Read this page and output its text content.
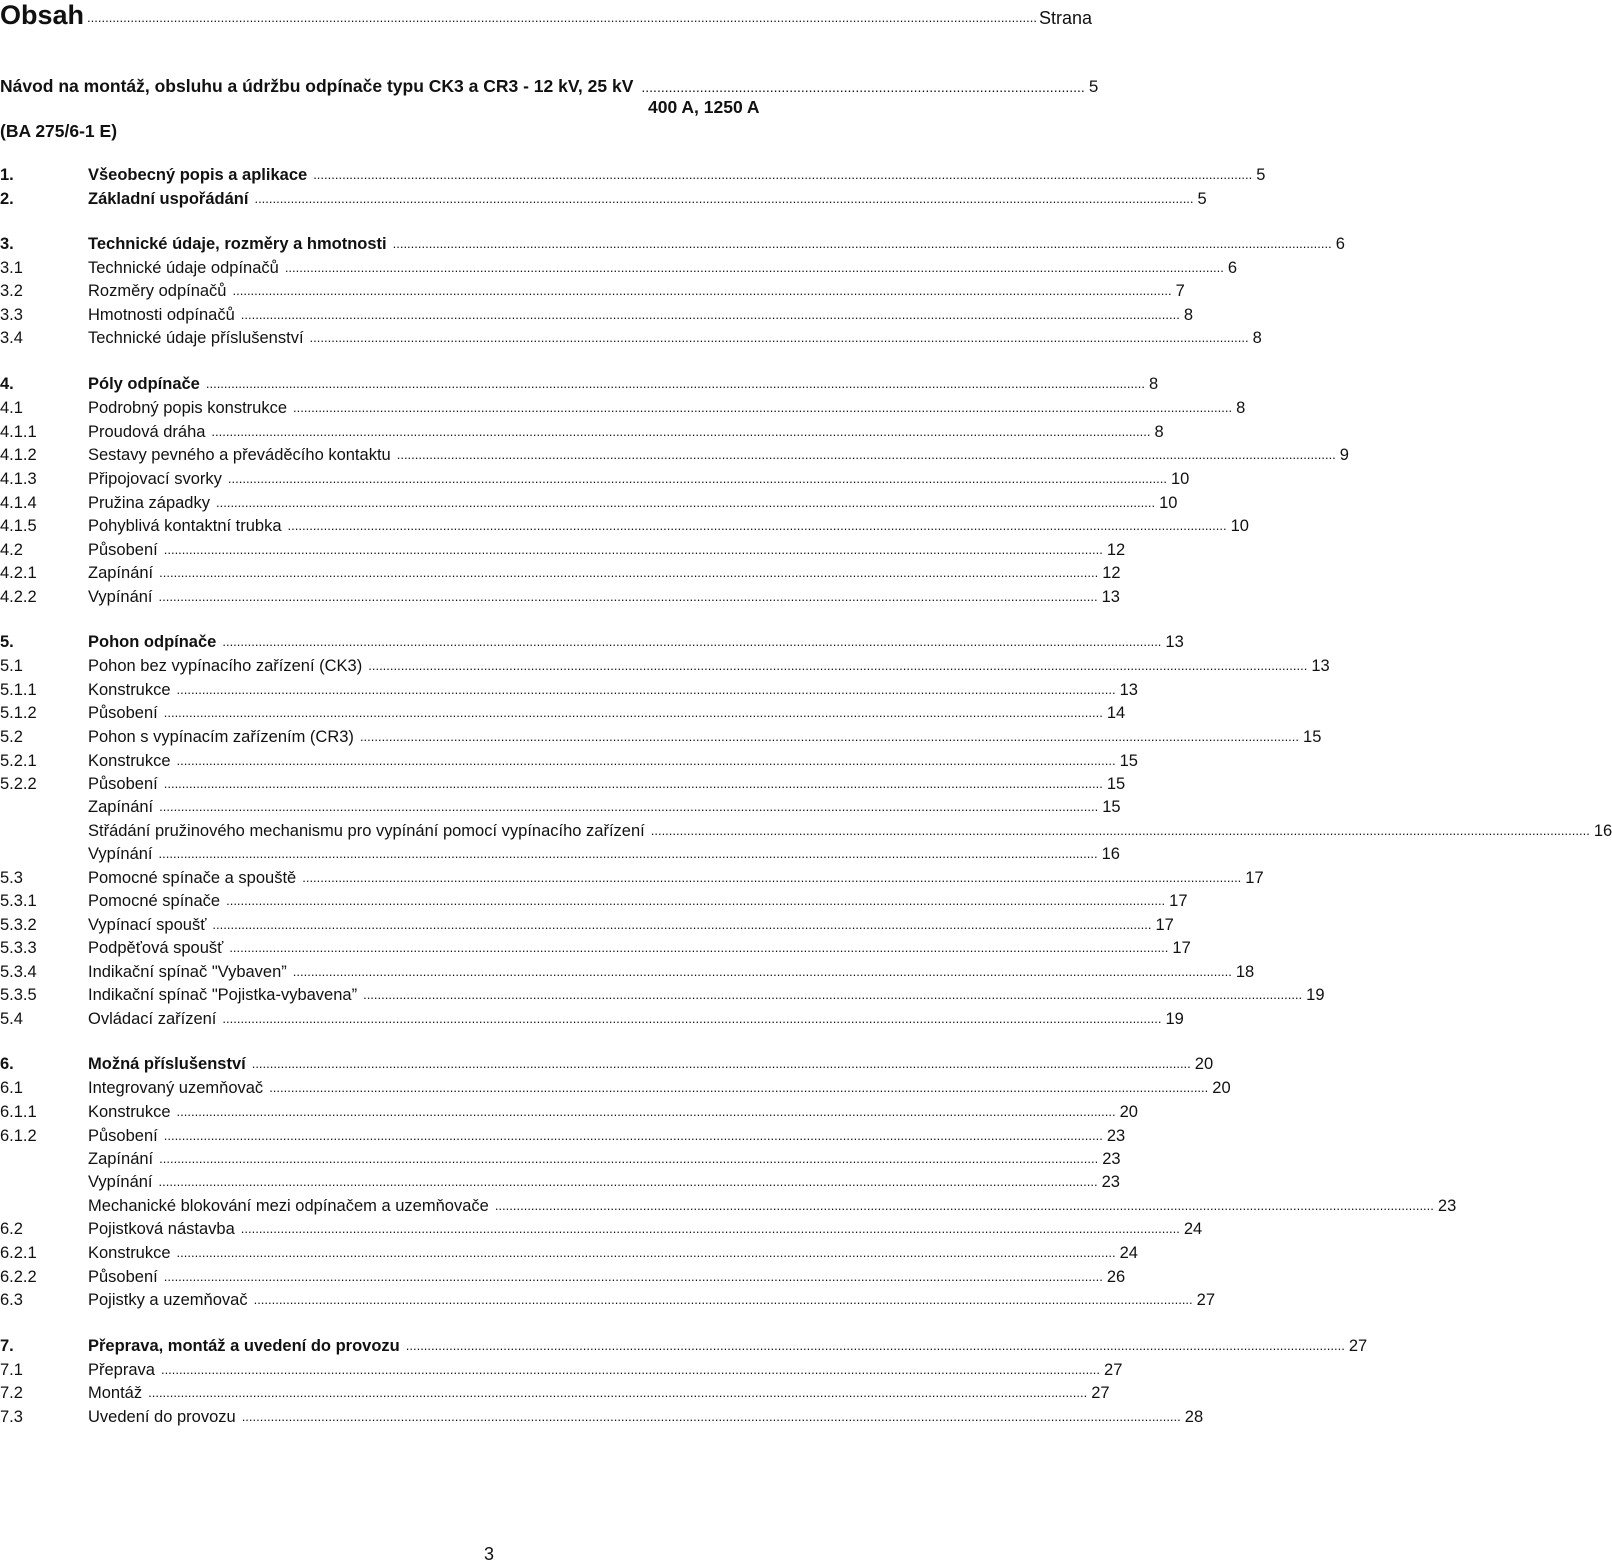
Obsah ....................................................................................................................................................................................................................................................................... Strana
Návod na montáž, obsluhu a údržbu odpínače typu CK3 a CR3 - 12 kV, 25 kV .................................................................................................................. 5
400 A, 1250 A
(BA 275/6-1 E)
1.	Všeobecný popis a aplikace .................................................................................................................................................................................................................................................................... 5
2.	Základní uspořádání .................................................................................................................................................................................................................................................................... 5
3.	Technické údaje, rozměry a hmotnosti .................................................................................................................................................................................................................................................................... 6
3.1	Technické údaje odpínačů .................................................................................................................................................................................................................................................................... 6
3.2	Rozměry odpínačů .................................................................................................................................................................................................................................................................... 7
3.3	Hmotnosti odpínačů .................................................................................................................................................................................................................................................................... 8
3.4	Technické údaje příslušenství .................................................................................................................................................................................................................................................................... 8
4.	Póly odpínače .................................................................................................................................................................................................................................................................... 8
4.1	Podrobný popis konstrukce .................................................................................................................................................................................................................................................................... 8
4.1.1	Proudová dráha .................................................................................................................................................................................................................................................................... 8
4.1.2	Sestavy pevného a převáděcího kontaktu .................................................................................................................................................................................................................................................................... 9
4.1.3	Připojovací svorky .................................................................................................................................................................................................................................................................... 10
4.1.4	Pružina západky .................................................................................................................................................................................................................................................................... 10
4.1.5	Pohyblivá kontaktní trubka .................................................................................................................................................................................................................................................................... 10
4.2	Působení .................................................................................................................................................................................................................................................................... 12
4.2.1	Zapínání .................................................................................................................................................................................................................................................................... 12
4.2.2	Vypínání .................................................................................................................................................................................................................................................................... 13
5.	Pohon odpínače .................................................................................................................................................................................................................................................................... 13
5.1	Pohon bez vypínacího zařízení (CK3) .................................................................................................................................................................................................................................................................... 13
5.1.1	Konstrukce .................................................................................................................................................................................................................................................................... 13
5.1.2	Působení .................................................................................................................................................................................................................................................................... 14
5.2	Pohon s vypínacím zařízením (CR3) .................................................................................................................................................................................................................................................................... 15
5.2.1	Konstrukce .................................................................................................................................................................................................................................................................... 15
5.2.2	Působení .................................................................................................................................................................................................................................................................... 15
Zapínání .................................................................................................................................................................................................................................................................... 15
Střádání pružinového mechanismu pro vypínání pomocí vypínacího zařízení .................................................................................................................................................................................................................................................................... 16
Vypínání .................................................................................................................................................................................................................................................................... 16
5.3	Pomocné spínače a spouště .................................................................................................................................................................................................................................................................... 17
5.3.1	Pomocné spínače .................................................................................................................................................................................................................................................................... 17
5.3.2	Vypínací spoušť .................................................................................................................................................................................................................................................................... 17
5.3.3	Podpěťová spoušť .................................................................................................................................................................................................................................................................... 17
5.3.4	Indikační spínač "Vybaven” .................................................................................................................................................................................................................................................................... 18
5.3.5	Indikační spínač "Pojistka-vybavena” .................................................................................................................................................................................................................................................................... 19
5.4	Ovládací zařízení .................................................................................................................................................................................................................................................................... 19
6.	Možná příslušenství .................................................................................................................................................................................................................................................................... 20
6.1	Integrovaný uzemňovač .................................................................................................................................................................................................................................................................... 20
6.1.1	Konstrukce .................................................................................................................................................................................................................................................................... 20
6.1.2	Působení .................................................................................................................................................................................................................................................................... 23
Zapínání .................................................................................................................................................................................................................................................................... 23
Vypínání .................................................................................................................................................................................................................................................................... 23
Mechanické blokování mezi odpínačem a uzemňovače .................................................................................................................................................................................................................................................................... 23
6.2	Pojistková nástavba .................................................................................................................................................................................................................................................................... 24
6.2.1	Konstrukce .................................................................................................................................................................................................................................................................... 24
6.2.2	Působení .................................................................................................................................................................................................................................................................... 26
6.3	Pojistky a uzemňovač .................................................................................................................................................................................................................................................................... 27
7.	Přeprava, montáž a uvedení do provozu .................................................................................................................................................................................................................................................................... 27
7.1	Přeprava .................................................................................................................................................................................................................................................................... 27
7.2	Montáž .................................................................................................................................................................................................................................................................... 27
7.3	Uvedení do provozu .................................................................................................................................................................................................................................................................... 28
3
